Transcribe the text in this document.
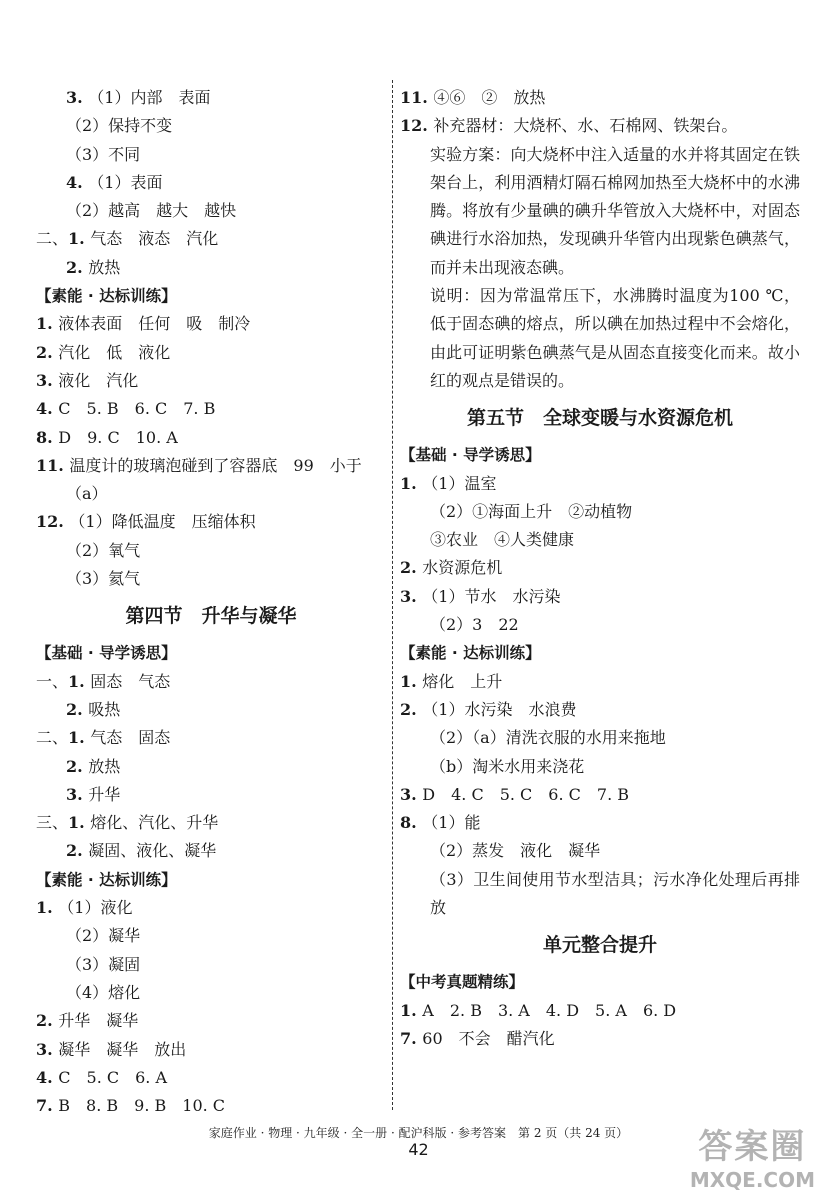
3. （1）内部　表面
（2）保持不变
（3）不同
4. （1）表面
（2）越高　越大　越快
二、1. 气态　液态　汽化
2. 放热
【素能 · 达标训练】
1. 液体表面　任何　吸　制冷
2. 汽化　低　液化
3. 液化　汽化
4. C　5. B　6. C　7. B
8. D　9. C　10. A
11. 温度计的玻璃泡碰到了容器底　99　小于
（a）
12. （1）降低温度　压缩体积
（2）氧气
（3）氦气
第四节　升华与凝华
【基础 · 导学诱思】
一、1. 固态　气态
2. 吸热
二、1. 气态　固态
2. 放热
3. 升华
三、1. 熔化、汽化、升华
2. 凝固、液化、凝华
【素能 · 达标训练】
1. （1）液化
（2）凝华
（3）凝固
（4）熔化
2. 升华　凝华
3. 凝华　凝华　放出
4. C　5. C　6. A
7. B　8. B　9. B　10. C
11. ④⑥　②　放热
12. 补充器材：大烧杯、水、石棉网、铁架台。
实验方案：向大烧杯中注入适量的水并将其固定在铁架台上，利用酒精灯隔石棉网加热至大烧杯中的水沸腾。将放有少量碘的碘升华管放入大烧杯中，对固态碘进行水浴加热，发现碘升华管内出现紫色碘蒸气，而并未出现液态碘。
说明：因为常温常压下，水沸腾时温度为100 ℃，低于固态碘的熔点，所以碘在加热过程中不会熔化，由此可证明紫色碘蒸气是从固态直接变化而来。故小红的观点是错误的。
第五节　全球变暖与水资源危机
【基础 · 导学诱思】
1. （1）温室
（2）①海面上升　②动植物
③农业　④人类健康
2. 水资源危机
3. （1）节水　水污染
（2）3　22
【素能 · 达标训练】
1. 熔化　上升
2. （1）水污染　水浪费
（2）（a）清洗衣服的水用来拖地
（b）淘米水用来浇花
3. D　4. C　5. C　6. C　7. B
8. （1）能
（2）蒸发　液化　凝华
（3）卫生间使用节水型洁具；污水净化处理后再排放
单元整合提升
【中考真题精练】
1. A　2. B　3. A　4. D　5. A　6. D
7. 60　不会　醋汽化
家庭作业 · 物理 · 九年级 · 全一册 · 配沪科版 · 参考答案　第 2 页（共 24 页）
42	答案圈
MXQE.COM
